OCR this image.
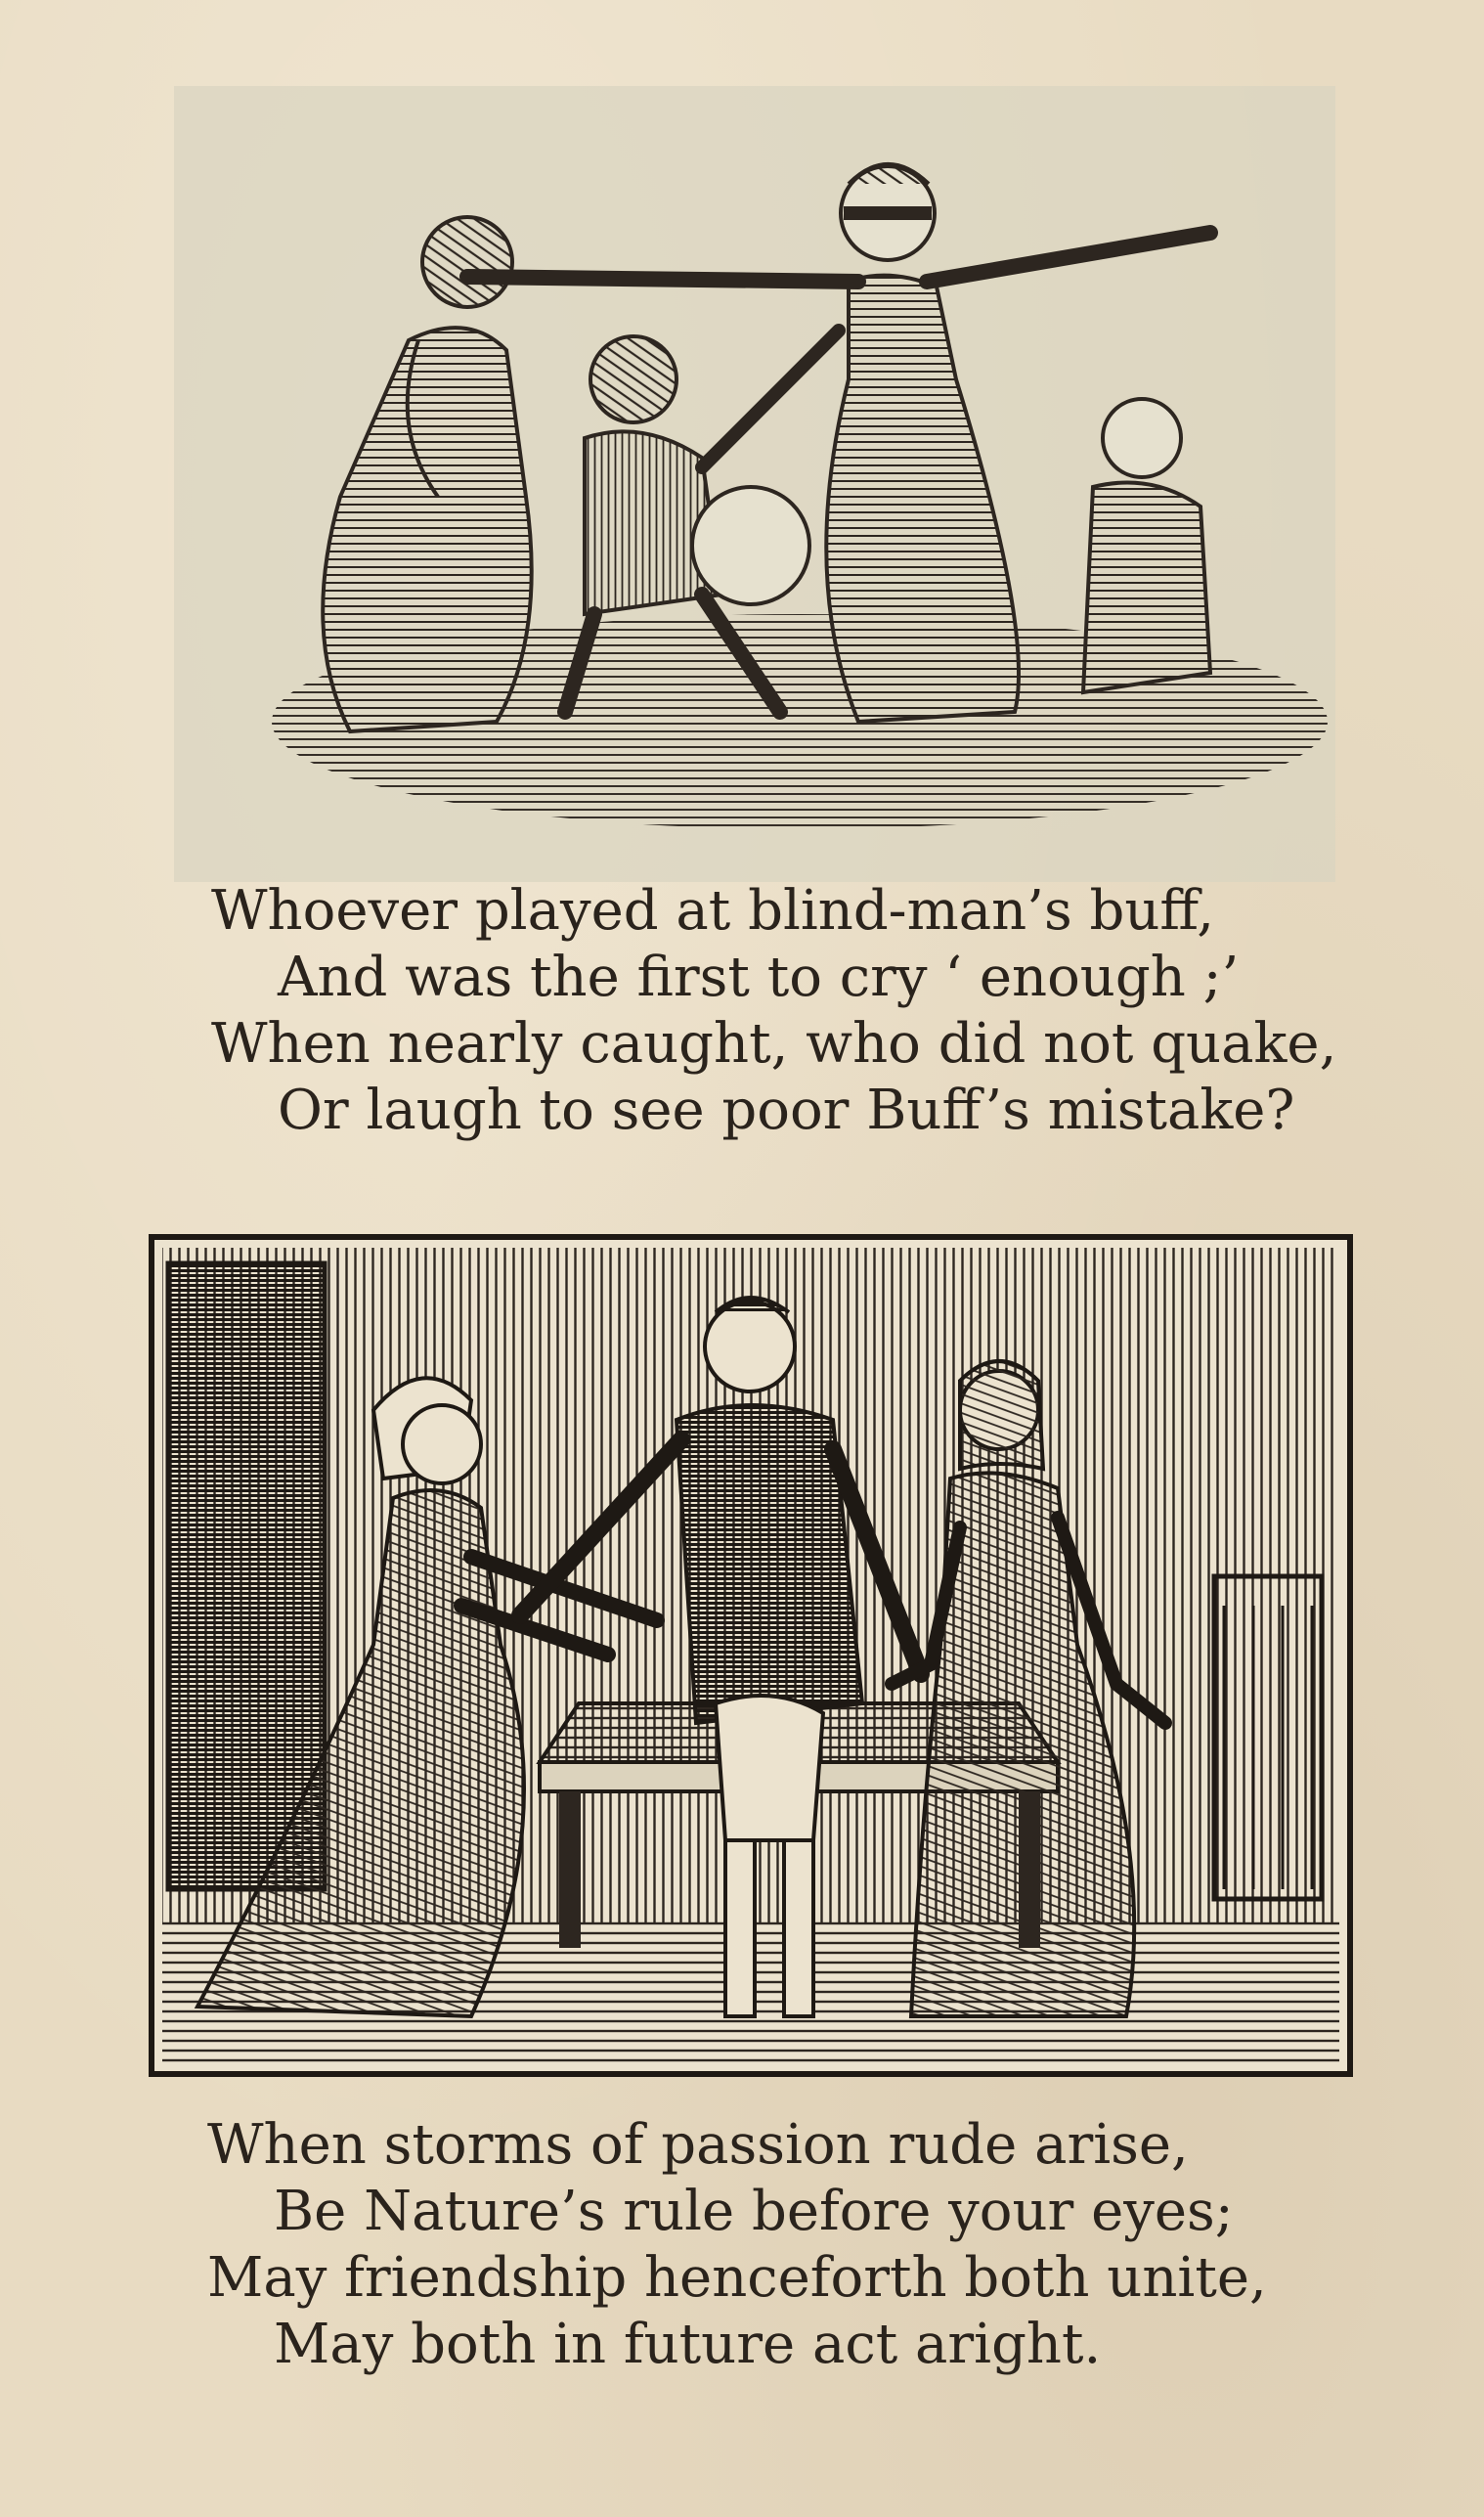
Whoever played at blind-man’s buff,
And was the first to cry ‘ enough ;’
When nearly caught, who did not quake,
Or laugh to see poor Buff’s mistake?
When storms of passion rude arise,
Be Nature’s rule before your eyes;
May friendship henceforth both unite,
May both in future act aright.
